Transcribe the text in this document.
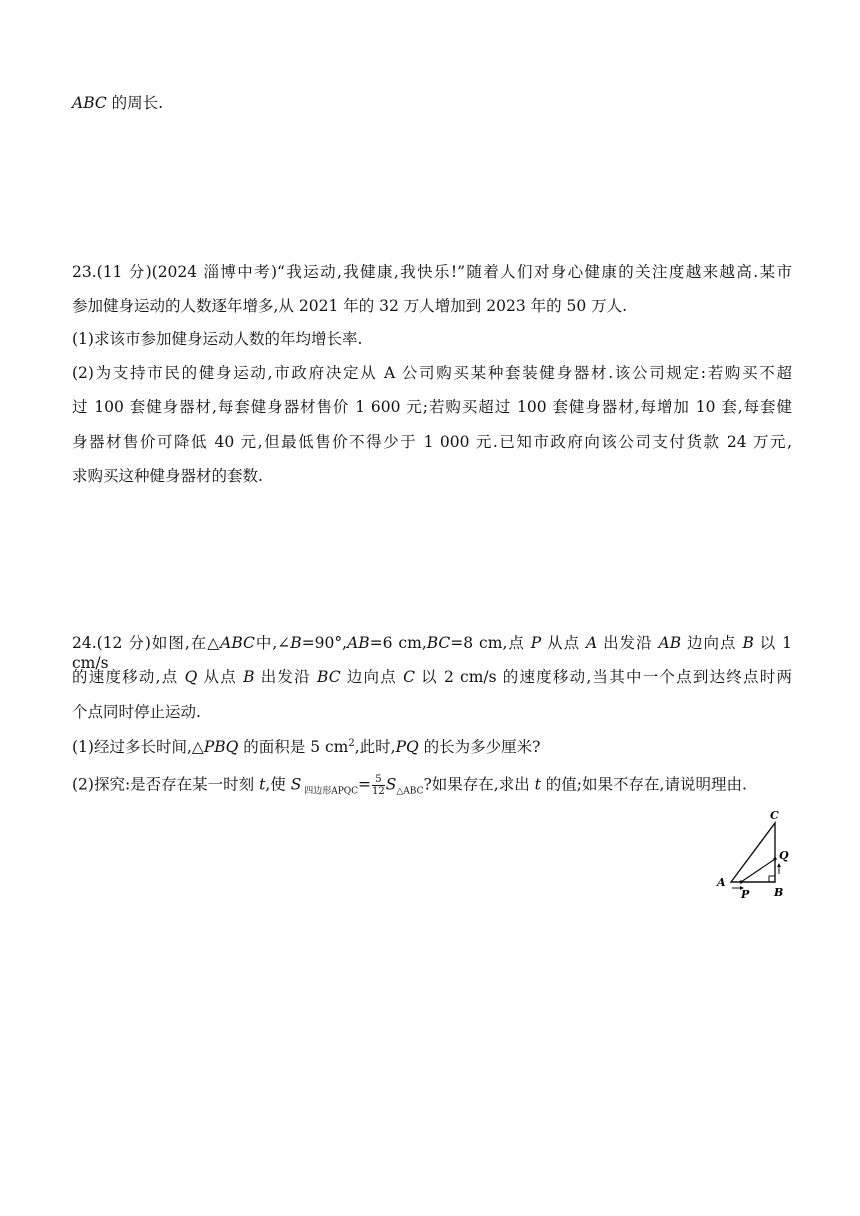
ABC 的周长.
23.(11 分)(2024 淄博中考)“我运动,我健康,我快乐!”随着人们对身心健康的关注度越来越高.某市
参加健身运动的人数逐年增多,从 2021 年的 32 万人增加到 2023 年的 50 万人.
(1)求该市参加健身运动人数的年均增长率.
(2)为支持市民的健身运动,市政府决定从 A 公司购买某种套装健身器材.该公司规定:若购买不超
过 100 套健身器材,每套健身器材售价 1 600 元;若购买超过 100 套健身器材,每增加 10 套,每套健
身器材售价可降低 40 元,但最低售价不得少于 1 000 元.已知市政府向该公司支付货款 24 万元,
求购买这种健身器材的套数.
24.(12 分)如图,在△ABC中,∠B=90°,AB=6 cm,BC=8 cm,点 P 从点 A 出发沿 AB 边向点 B 以 1 cm/s
的速度移动,点 Q 从点 B 出发沿 BC 边向点 C 以 2 cm/s 的速度移动,当其中一个点到达终点时两
个点同时停止运动.
(1)经过多长时间,△PBQ 的面积是 5 $cm^2$,此时,PQ 的长为多少厘米?
(2)探究:是否存在某一时刻 t,使 S $_{四边形APQC}= \frac{5}{12} S_{\triangle ABC}$?如果存在,求出 t 的值;如果不存在,请说明理由.
A
P B
Q
C
